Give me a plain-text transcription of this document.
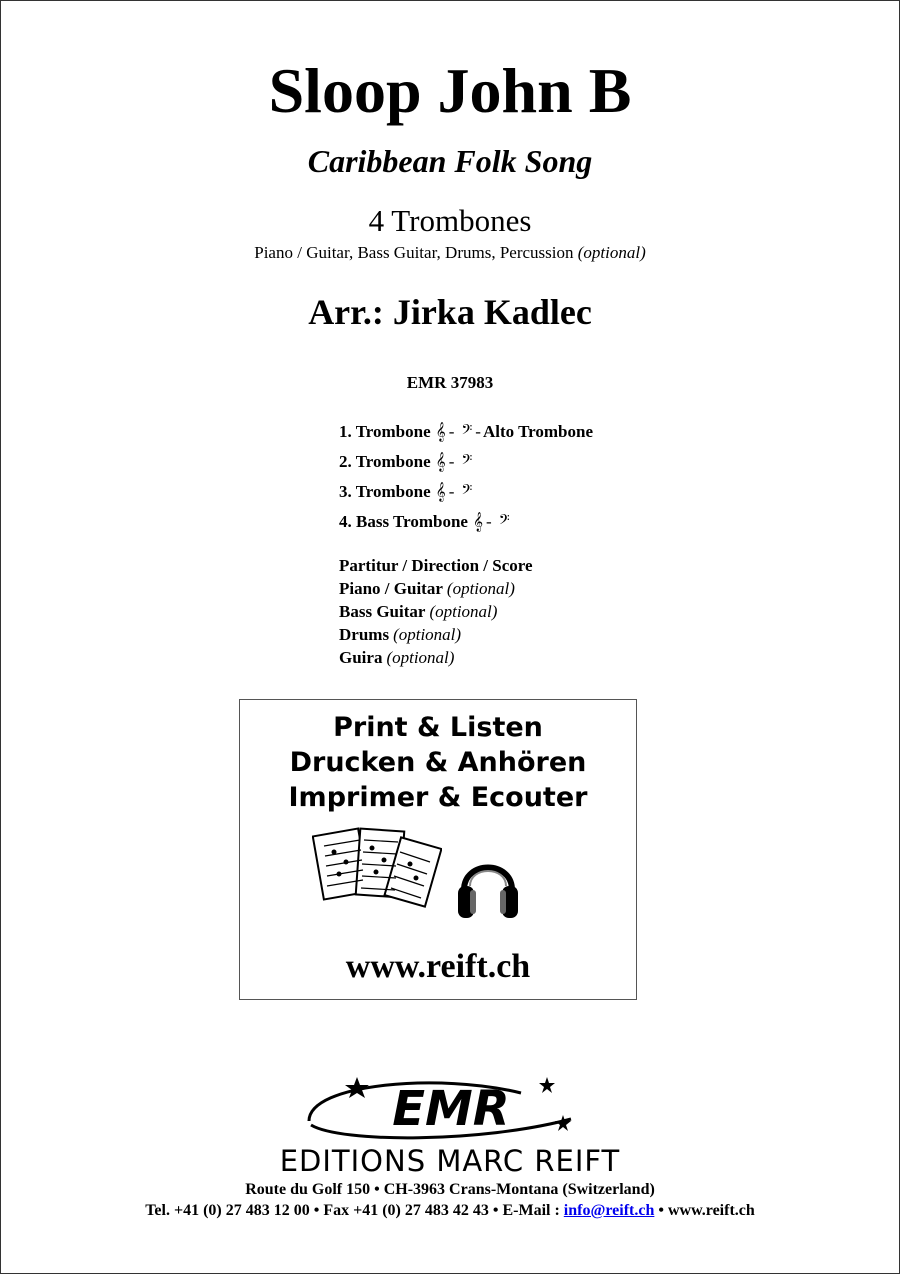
Sloop John B
Caribbean Folk Song
4 Trombones
Piano / Guitar, Bass Guitar, Drums, Percussion (optional)
Arr.: Jirka Kadlec
EMR 37983
1. Trombone 𝄞 - 𝄢 - Alto Trombone
2. Trombone 𝄞 - 𝄢
3. Trombone 𝄞 - 𝄢
4. Bass Trombone 𝄞 - 𝄢
Partitur / Direction / Score
Piano / Guitar (optional)
Bass Guitar (optional)
Drums (optional)
Guira (optional)
Print & Listen
Drucken & Anhören
Imprimer & Ecouter
www.reift.ch
EMR
EDITIONS MARC REIFT
Route du Golf 150 • CH-3963 Crans-Montana (Switzerland)
Tel. +41 (0) 27 483 12 00 • Fax +41 (0) 27 483 42 43 • E-Mail : info@reift.ch • www.reift.ch
